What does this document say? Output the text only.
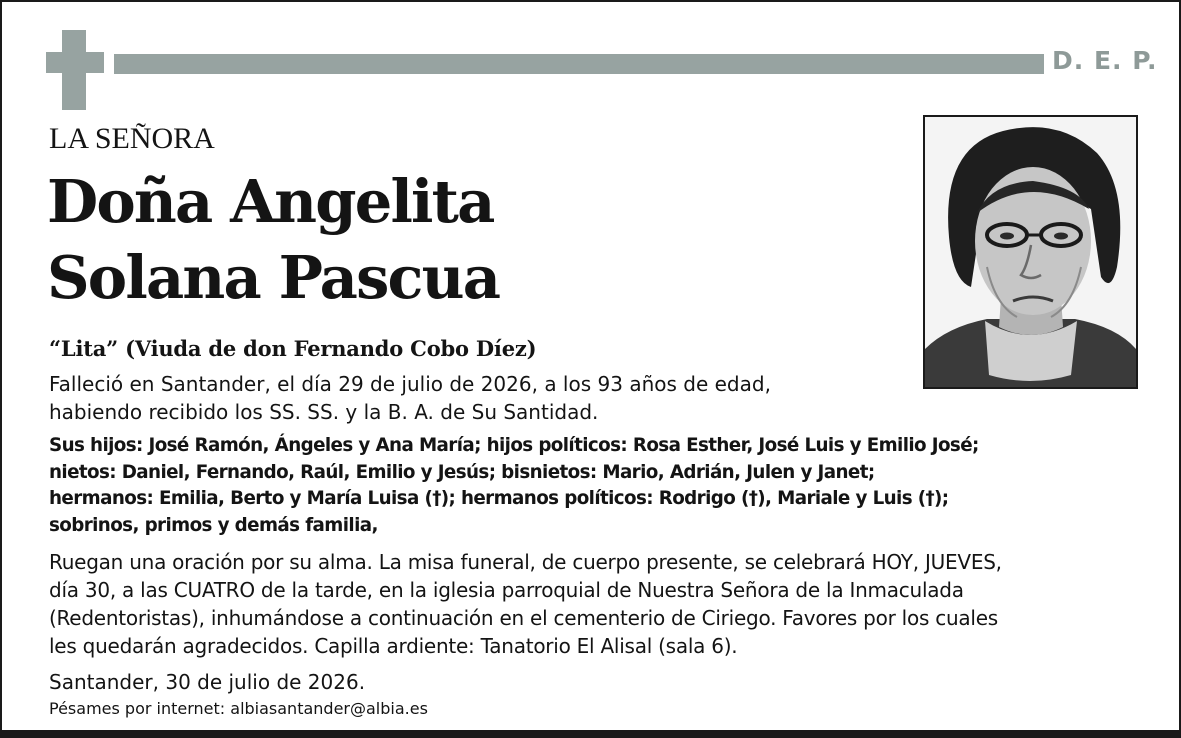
D. E. P.
LA SEÑORA
Doña Angelita
Solana Pascua
“Lita” (Viuda de don Fernando Cobo Díez)
Falleció en Santander, el día 29 de julio de 2026, a los 93 años de edad,
habiendo recibido los SS. SS. y la B. A. de Su Santidad.
Sus hijos: José Ramón, Ángeles y Ana María; hijos políticos: Rosa Esther, José Luis y Emilio José;
nietos: Daniel, Fernando, Raúl, Emilio y Jesús; bisnietos: Mario, Adrián, Julen y Janet;
hermanos: Emilia, Berto y María Luisa (†); hermanos políticos: Rodrigo (†), Mariale y Luis (†);
sobrinos, primos y demás familia,
Ruegan una oración por su alma. La misa funeral, de cuerpo presente, se celebrará HOY, JUEVES,
día 30, a las CUATRO de la tarde, en la iglesia parroquial de Nuestra Señora de la Inmaculada
(Redentoristas), inhumándose a continuación en el cementerio de Ciriego. Favores por los cuales
les quedarán agradecidos. Capilla ardiente: Tanatorio El Alisal (sala 6).
Santander, 30 de julio de 2026.
Pésames por internet: albiasantander@albia.es
